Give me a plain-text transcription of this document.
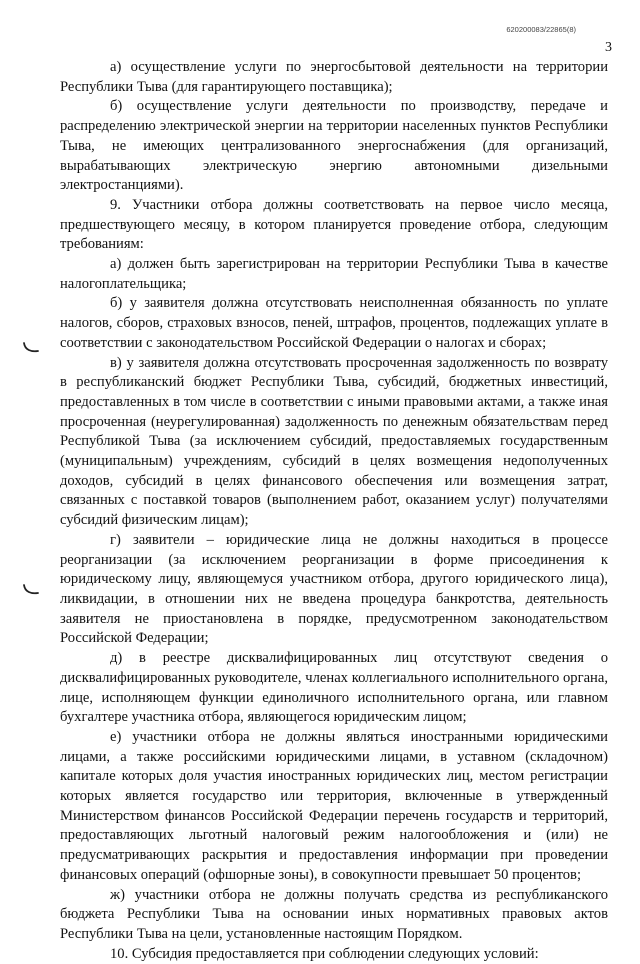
620200083/22865(8)
3

а) осуществление услуги по энергосбытовой деятельности на территории Республики Тыва (для гарантирующего поставщика);

б) осуществление услуги деятельности по производству, передаче и распределению электрической энергии на территории населенных пунктов Республики Тыва, не имеющих централизованного энергоснабжения (для организаций, вырабатывающих электрическую энергию автономными дизельными электростанциями).

9. Участники отбора должны соответствовать на первое число месяца, предшествующего месяцу, в котором планируется проведение отбора, следующим требованиям:

а) должен быть зарегистрирован на территории Республики Тыва в качестве налогоплательщика;

б) у заявителя должна отсутствовать неисполненная обязанность по уплате налогов, сборов, страховых взносов, пеней, штрафов, процентов, подлежащих уплате в соответствии с законодательством Российской Федерации о налогах и сборах;

в) у заявителя должна отсутствовать просроченная задолженность по возврату в республиканский бюджет Республики Тыва, субсидий, бюджетных инвестиций, предоставленных в том числе в соответствии с иными правовыми актами, а также иная просроченная (неурегулированная) задолженность по денежным обязательствам перед Республикой Тыва (за исключением субсидий, предоставляемых государственным (муниципальным) учреждениям, субсидий в целях возмещения недополученных доходов, субсидий в целях финансового обеспечения или возмещения затрат, связанных с поставкой товаров (выполнением работ, оказанием услуг) получателями субсидий физическим лицам);

г) заявители – юридические лица не должны находиться в процессе реорганизации (за исключением реорганизации в форме присоединения к юридическому лицу, являющемуся участником отбора, другого юридического лица), ликвидации, в отношении них не введена процедура банкротства, деятельность заявителя не приостановлена в порядке, предусмотренном законодательством Российской Федерации;

д) в реестре дисквалифицированных лиц отсутствуют сведения о дисквалифицированных руководителе, членах коллегиального исполнительного органа, лице, исполняющем функции единоличного исполнительного органа, или главном бухгалтере участника отбора, являющегося юридическим лицом;

е) участники отбора не должны являться иностранными юридическими лицами, а также российскими юридическими лицами, в уставном (складочном) капитале которых доля участия иностранных юридических лиц, местом регистрации которых является государство или территория, включенные в утвержденный Министерством финансов Российской Федерации перечень государств и территорий, предоставляющих льготный налоговый режим налогообложения и (или) не предусматривающих раскрытия и предоставления информации при проведении финансовых операций (офшорные зоны), в совокупности превышает 50 процентов;

ж) участники отбора не должны получать средства из республиканского бюджета Республики Тыва на основании иных нормативных правовых актов Республики Тыва на цели, установленные настоящим Порядком.

10. Субсидия предоставляется при соблюдении следующих условий:
